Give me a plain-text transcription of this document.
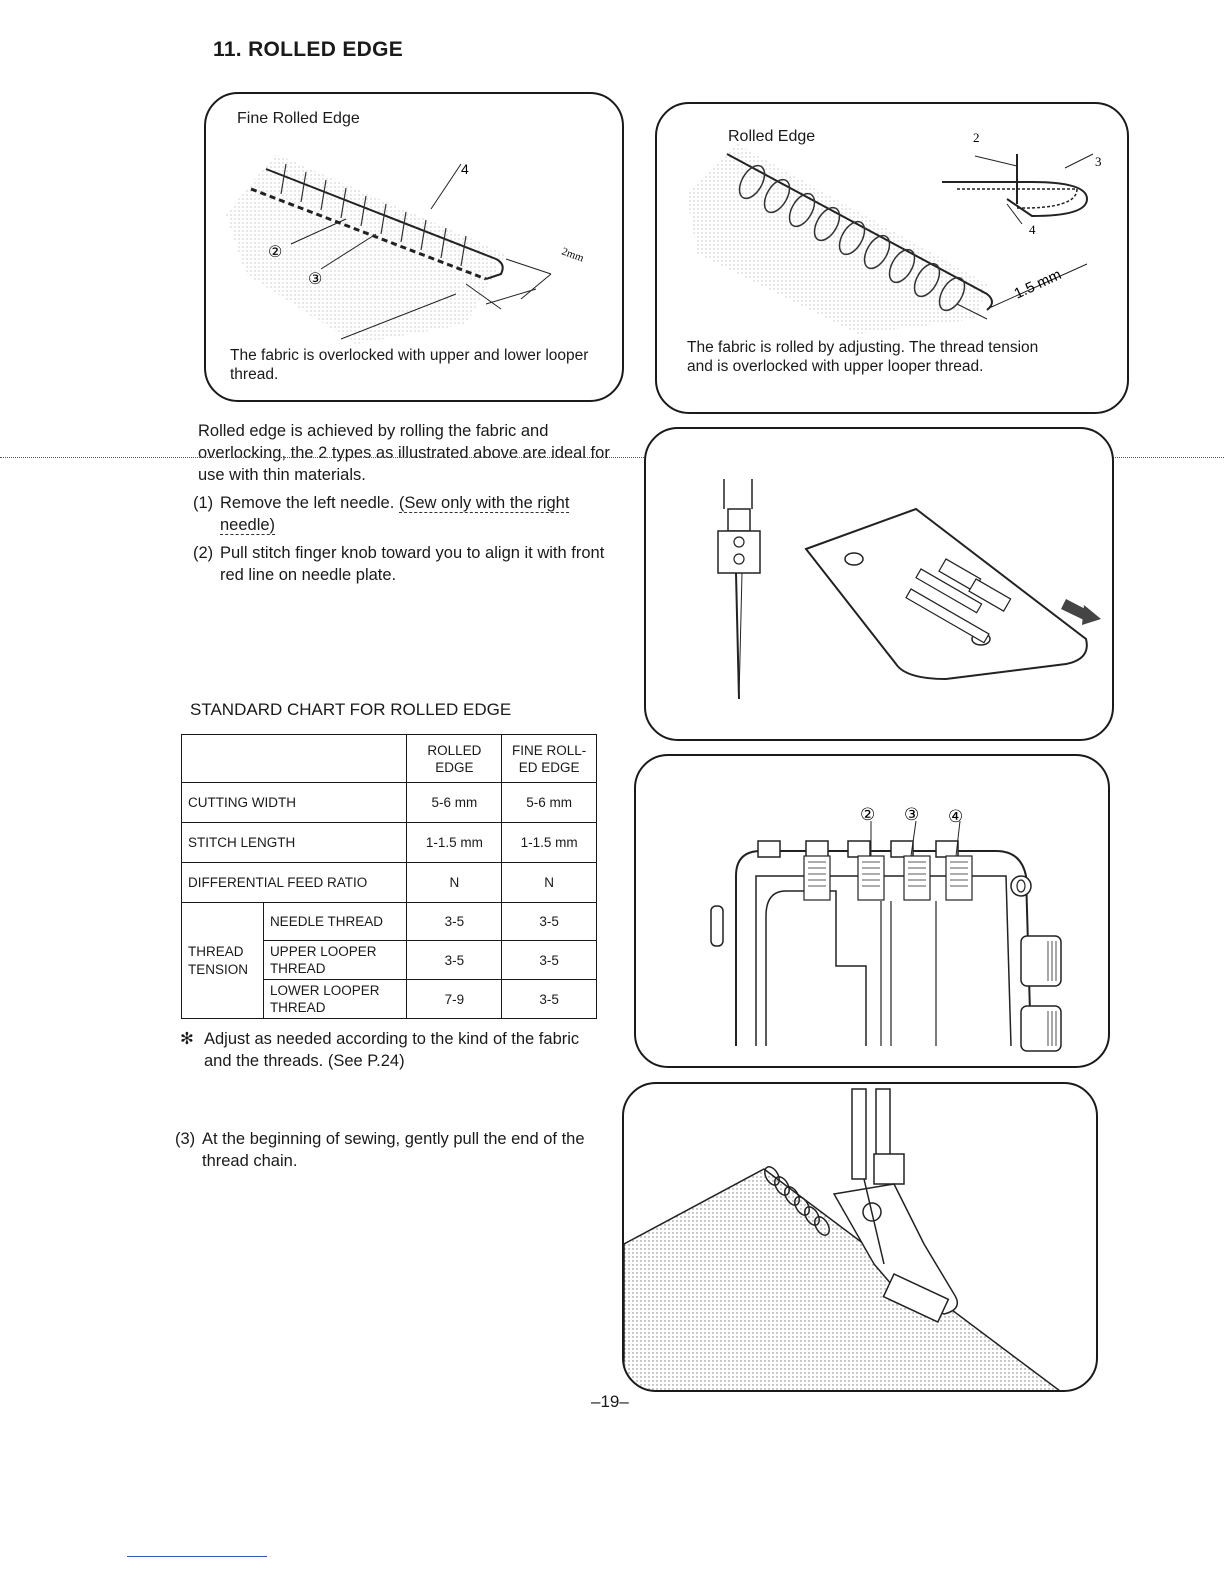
11. ROLLED EDGE
4
②
③
2mm
Fine Rolled Edge
The fabric is overlocked with upper and lower looper thread.
2
3
4
1.5 mm
Rolled Edge
The fabric is rolled by adjusting. The thread tension and is overlocked with upper looper thread.
Rolled edge is achieved by rolling the fabric and overlocking, the 2 types as illustrated above are ideal for use with thin materials.
(1) Remove the left needle. (Sew only with the right needle)
(2) Pull stitch finger knob toward you to align it with front red line on needle plate.
STANDARD CHART FOR ROLLED EDGE
		ROLLED EDGE	FINE ROLL-ED EDGE
CUTTING WIDTH		5-6 mm	5-6 mm
STITCH LENGTH		1-1.5 mm	1-1.5 mm
DIFFERENTIAL FEED RATIO		N	N
THREAD TENSION	NEEDLE THREAD	3-5	3-5
	UPPER LOOPER THREAD	3-5	3-5
	LOWER LOOPER THREAD	7-9	3-5
✻ Adjust as needed according to the kind of the fabric and the threads. (See P.24)
② ③ ④
(3) At the beginning of sewing, gently pull the end of the thread chain.
–19–
